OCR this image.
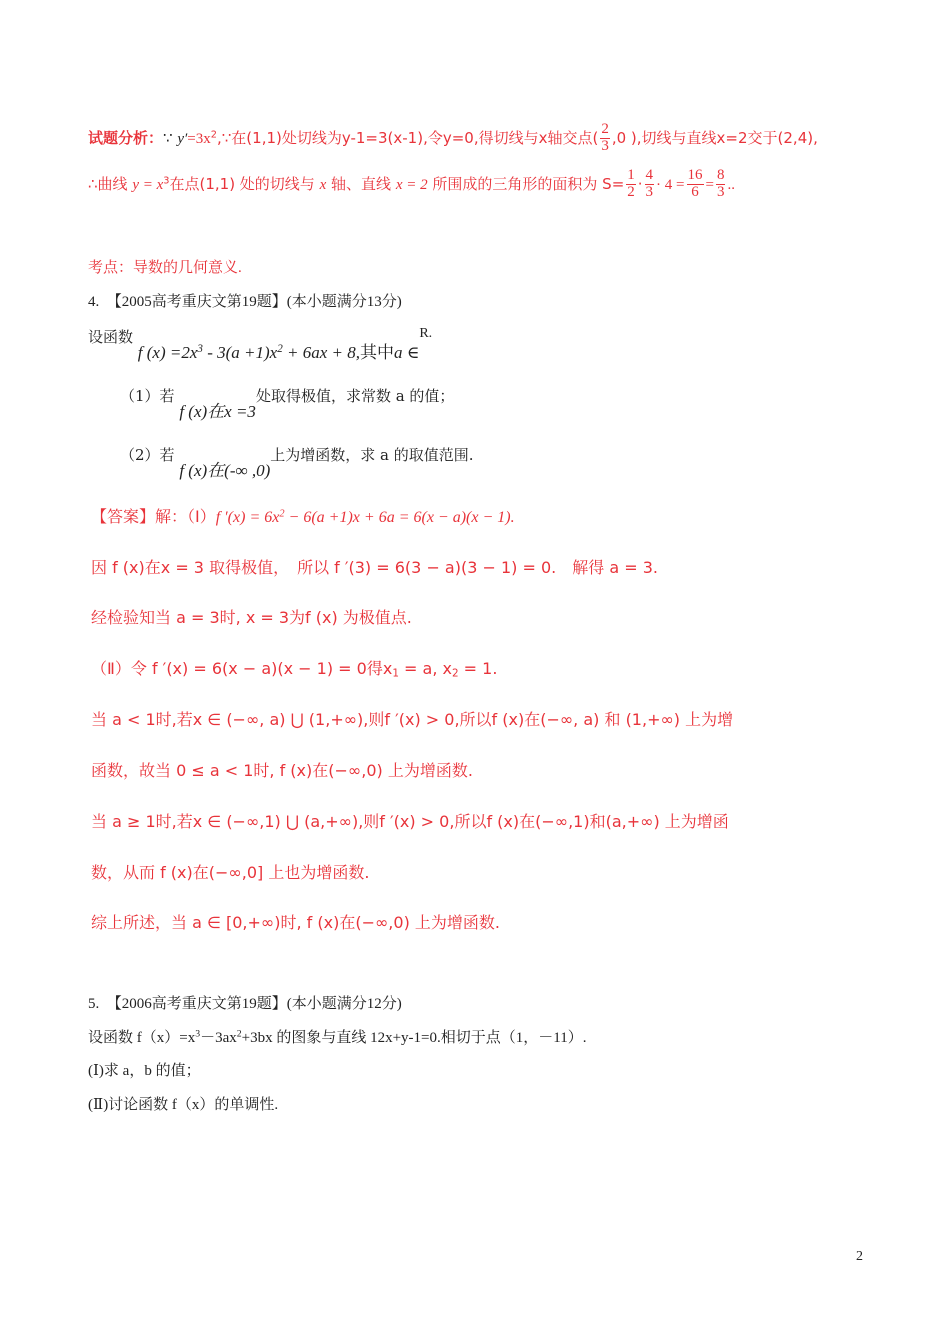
试题分析：∵ $y'=3x^2,\because$在(1,1)处切线为y-1=3(x-1),令y=0,得切线与x轴交点( $\frac{2}{3} ,0$ ),切线与直线x=2交于(2,4),
∴曲线 $y = x^3$在点(1,1) 处的切线与 x 轴、直线 x = 2 所围成的三角形的面积为 $S= \frac{1}{2} \cdot \frac{4}{3} \cdot 4 = \frac{16}{6} = \frac{8}{3}$ ..
考点：导数的几何意义.
4.　【2005高考重庆文第19题】(本小题满分13分)
设函数 f $(x) =2x^3 - 3(a +1)x^2 + 6ax + 8$,其中a ∈R.
（1）若 f (x)在x =3处取得极值，求常数 a 的值；
（2）若 f (x)在(-∞ ,0)上为增函数，求 a 的取值范围.
【答案】解：（Ⅰ）f $'(x) = 6x^2 - 6(a +1)x + 6a = 6(x - a)(x - 1)$.
因 f (x)在x = 3 取得极值，　所以 f ′(3) = 6(3 − a)(3 − 1) = 0.　解得 a = 3.
经检验知当 a = 3时, x = 3为f (x) 为极值点.
（Ⅱ）令 f ′(x) = 6(x − a)(x − 1) = 0得$x_1 = a$, $x_2 = 1$.
当 a < 1时,若x ∈ (−∞, a) ⋃ (1,+∞),则f ′(x) > 0,所以f (x)在(−∞, a) 和 (1,+∞) 上为增
函数，故当 0 ≤ a < 1时, f (x)在(−∞,0) 上为增函数.
当 a ≥ 1时,若x ∈ (−∞,1) ⋃ (a,+∞),则f ′(x) > 0,所以f (x)在(−∞,1)和(a,+∞) 上为增函
数，从而 f (x)在(−∞,0] 上也为增函数.
综上所述，当 a ∈ [0,+∞)时, f (x)在(−∞,0) 上为增函数.
5.　【2006高考重庆文第19题】(本小题满分12分)
设函数 $f(x)=x^3-3ax^2+3bx$ 的图象与直线 12x+y-1=0.相切于点（1，－11）.
(Ⅰ)求 a，b 的值；
(Ⅱ)讨论函数 f（x）的单调性.
2
